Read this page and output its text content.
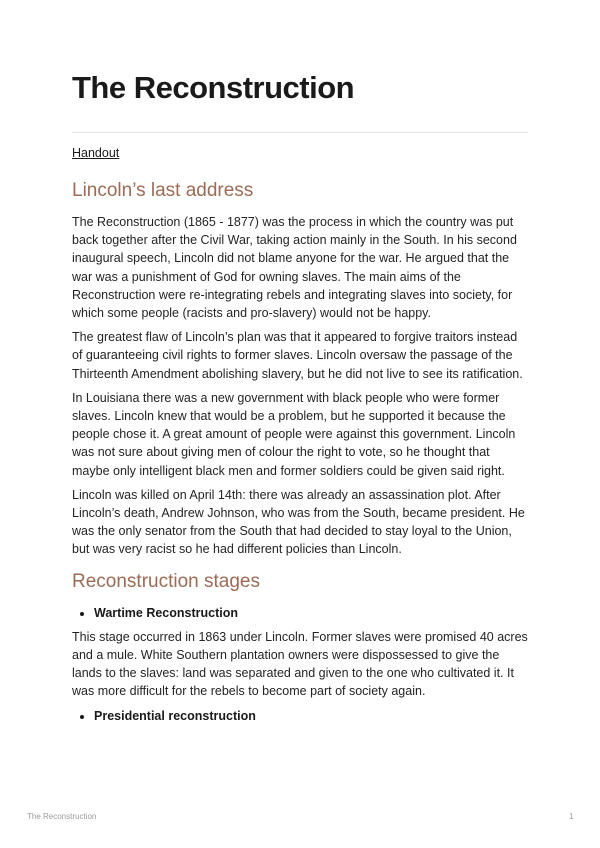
The Reconstruction
Handout
Lincoln’s last address

The Reconstruction (1865 - 1877) was the process in which the country was put back together after the Civil War, taking action mainly in the South. In his second inaugural speech, Lincoln did not blame anyone for the war. He argued that the war was a punishment of God for owning slaves. The main aims of the Reconstruction were re-integrating rebels and integrating slaves into society, for which some people (racists and pro-slavery) would not be happy.

The greatest flaw of Lincoln’s plan was that it appeared to forgive traitors instead of guaranteeing civil rights to former slaves. Lincoln oversaw the passage of the Thirteenth Amendment abolishing slavery, but he did not live to see its ratification.

In Louisiana there was a new government with black people who were former slaves. Lincoln knew that would be a problem, but he supported it because the people chose it. A great amount of people were against this government. Lincoln was not sure about giving men of colour the right to vote, so he thought that maybe only intelligent black men and former soldiers could be given said right.

Lincoln was killed on April 14th: there was already an assassination plot. After Lincoln’s death, Andrew Johnson, who was from the South, became president. He was the only senator from the South that had decided to stay loyal to the Union, but was very racist so he had different policies than Lincoln.

Reconstruction stages
• Wartime Reconstruction

This stage occurred in 1863 under Lincoln. Former slaves were promised 40 acres and a mule. White Southern plantation owners were dispossessed to give the lands to the slaves: land was separated and given to the one who cultivated it. It was more difficult for the rebels to become part of society again.

• Presidential reconstruction
The Reconstruction	1
